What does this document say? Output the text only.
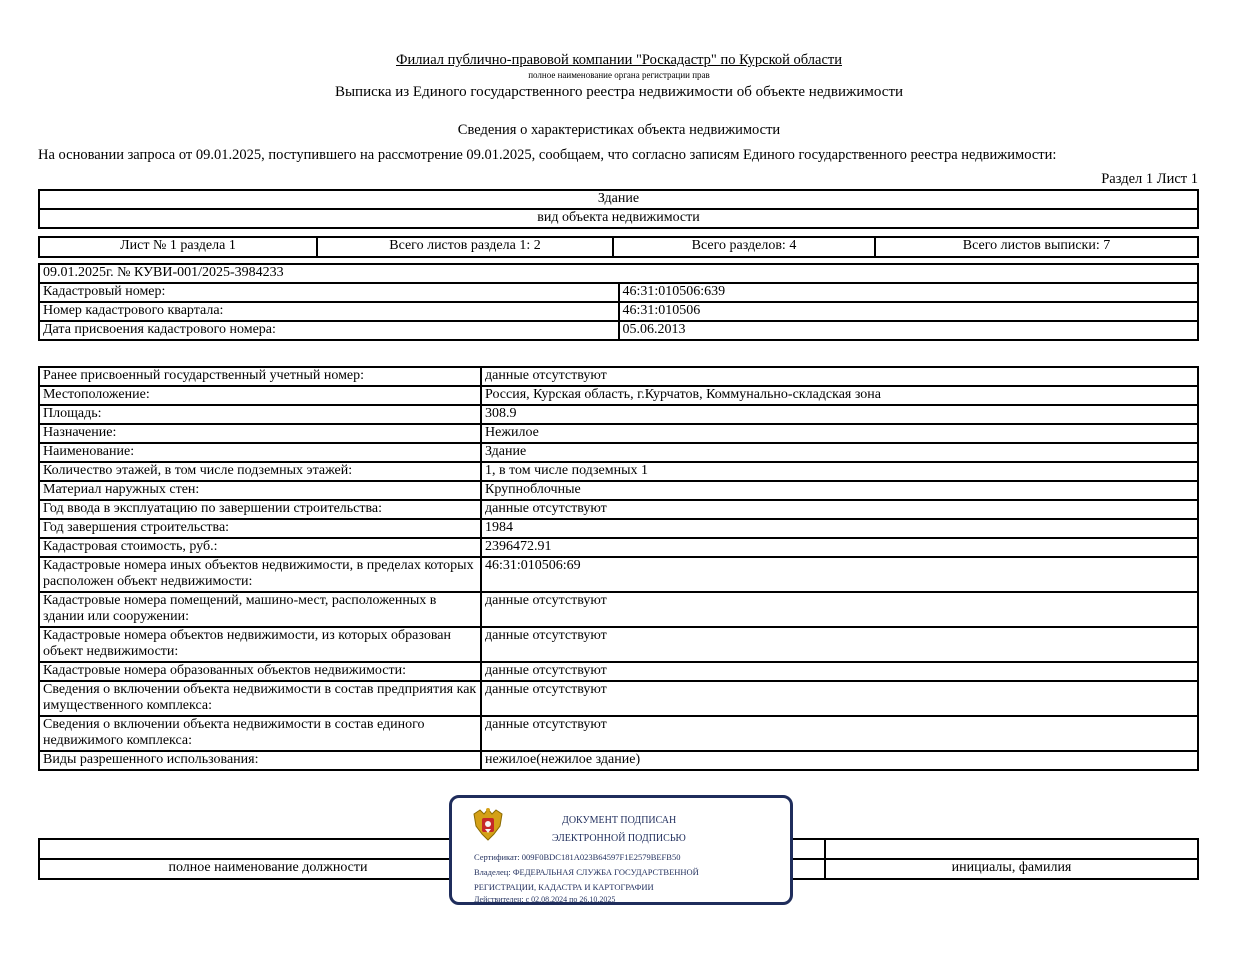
Филиал публично-правовой компании "Роскадастр" по Курской области
полное наименование органа регистрации прав
Выписка из Единого государственного реестра недвижимости об объекте недвижимости
Сведения о характеристиках объекта недвижимости
На основании запроса от 09.01.2025, поступившего на рассмотрение 09.01.2025, сообщаем, что согласно записям Единого государственного реестра недвижимости:
Раздел 1 Лист 1
Здание
вид объекта недвижимости
Лист № 1 раздела 1	Всего листов раздела 1: 2	Всего разделов: 4	Всего листов выписки: 7
09.01.2025г. № КУВИ-001/2025-3984233	
Кадастровый номер:	46:31:010506:639
Номер кадастрового квартала:	46:31:010506
Дата присвоения кадастрового номера:	05.06.2013
Ранее присвоенный государственный учетный номер:	данные отсутствуют
Местоположение:	Россия, Курская область, г.Курчатов, Коммунально-складская зона
Площадь:	308.9
Назначение:	Нежилое
Наименование:	Здание
Количество этажей, в том числе подземных этажей:	1, в том числе подземных 1
Материал наружных стен:	Крупноблочные
Год ввода в эксплуатацию по завершении строительства:	данные отсутствуют
Год завершения строительства:	1984
Кадастровая стоимость, руб.:	2396472.91
Кадастровые номера иных объектов недвижимости, в пределах которых расположен объект недвижимости:	46:31:010506:69
Кадастровые номера помещений, машино-мест, расположенных в здании или сооружении:	данные отсутствуют
Кадастровые номера объектов недвижимости, из которых образован объект недвижимости:	данные отсутствуют
Кадастровые номера образованных объектов недвижимости:	данные отсутствуют
Сведения о включении объекта недвижимости в состав предприятия как имущественного комплекса:	данные отсутствуют
Сведения о включении объекта недвижимости в состав единого недвижимого комплекса:	данные отсутствуют
Виды разрешенного использования:	нежилое(нежилое здание)

полное наименование должности		инициалы, фамилия
ДОКУМЕНТ ПОДПИСАН
ЭЛЕКТРОННОЙ ПОДПИСЬЮ
Сертификат: 009F0BDC181A023B64597F1E2579BEFB50
Владелец: ФЕДЕРАЛЬНАЯ СЛУЖБА ГОСУДАРСТВЕННОЙ
РЕГИСТРАЦИИ, КАДАСТРА И КАРТОГРАФИИ
Действителен: с 02.08.2024 по 26.10.2025
